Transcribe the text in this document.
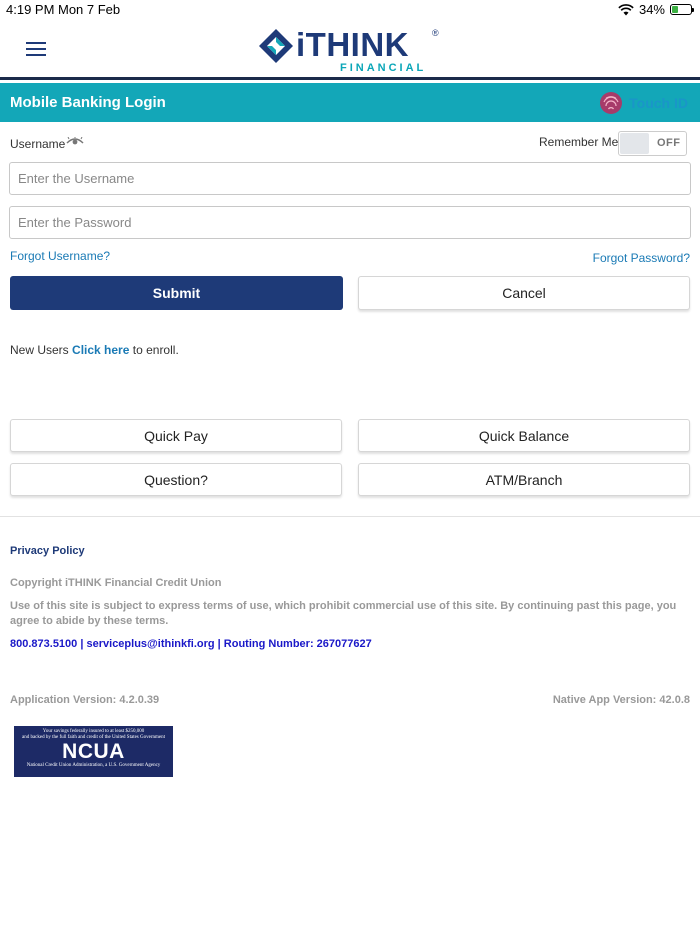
4:19 PM Mon 7 Feb	34%
iTHINK	®
FINANCIAL
Mobile Banking Login	Touch ID
Username	Remember Me	OFF
Enter the Username
Forgot Username?	Forgot Password?
Submit	Cancel
New Users Click here to enroll.
Quick Pay	Quick Balance
Question?	ATM/Branch
Privacy Policy
Copyright iTHINK Financial Credit Union
Use of this site is subject to express terms of use, which prohibit commercial use of this site. By continuing past this page, you agree to abide by these terms.
800.873.5100 | serviceplus@ithinkfi.org | Routing Number: 267077627
Application Version: 4.2.0.39	Native App Version: 42.0.8
Your savings federally insured to at least $250,000
and backed by the full faith and credit of the United States Government
NCUA
National Credit Union Administration, a U.S. Government Agency
